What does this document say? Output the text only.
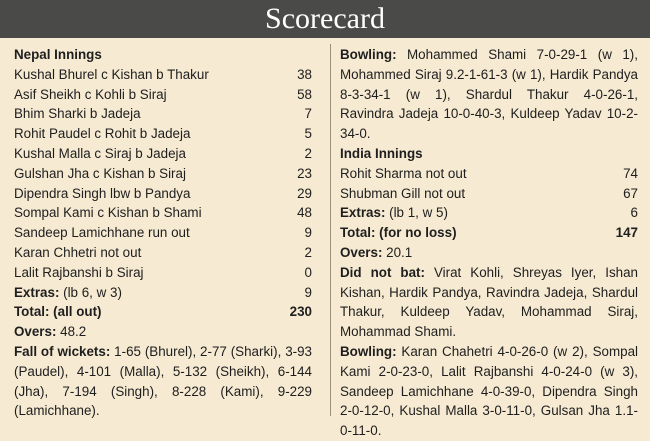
Scorecard
Nepal Innings
Kushal Bhurel c Kishan b Thakur	38
Asif Sheikh c Kohli b Siraj	58
Bhim Sharki b Jadeja	7
Rohit Paudel c Rohit b Jadeja	5
Kushal Malla c Siraj b Jadeja	2
Gulshan Jha c Kishan b Siraj	23
Dipendra Singh lbw b Pandya	29
Sompal Kami c Kishan b Shami	48
Sandeep Lamichhane run out	9
Karan Chhetri not out	2
Lalit Rajbanshi b Siraj	0
Extras: (lb 6, w 3)	9
Total: (all out)	230
Overs: 48.2
Fall of wickets: 1-65 (Bhurel), 2-77 (Sharki), 3-93 (Paudel), 4-101 (Malla), 5-132 (Sheikh), 6-144 (Jha), 7-194 (Singh), 8-228 (Kami), 9-229 (Lamichhane).
Bowling: Mohammed Shami 7-0-29-1 (w 1), Mohammed Siraj 9.2-1-61-3 (w 1), Hardik Pandya 8-3-34-1 (w 1), Shardul Thakur 4-0-26-1, Ravindra Jadeja 10-0-40-3, Kuldeep Yadav 10-2-34-0.
India Innings
Rohit Sharma not out	74
Shubman Gill not out	67
Extras: (lb 1, w 5)	6
Total: (for no loss)	147
Overs: 20.1
Did not bat: Virat Kohli, Shreyas Iyer, Ishan Kishan, Hardik Pandya, Ravindra Jadeja, Shardul Thakur, Kuldeep Yadav, Mohammad Siraj, Mohammad Shami.
Bowling: Karan Chahetri 4-0-26-0 (w 2), Sompal Kami 2-0-23-0, Lalit Rajbanshi 4-0-24-0 (w 3), Sandeep Lamichhane 4-0-39-0, Dipendra Singh 2-0-12-0, Kushal Malla 3-0-11-0, Gulsan Jha 1.1-0-11-0.
